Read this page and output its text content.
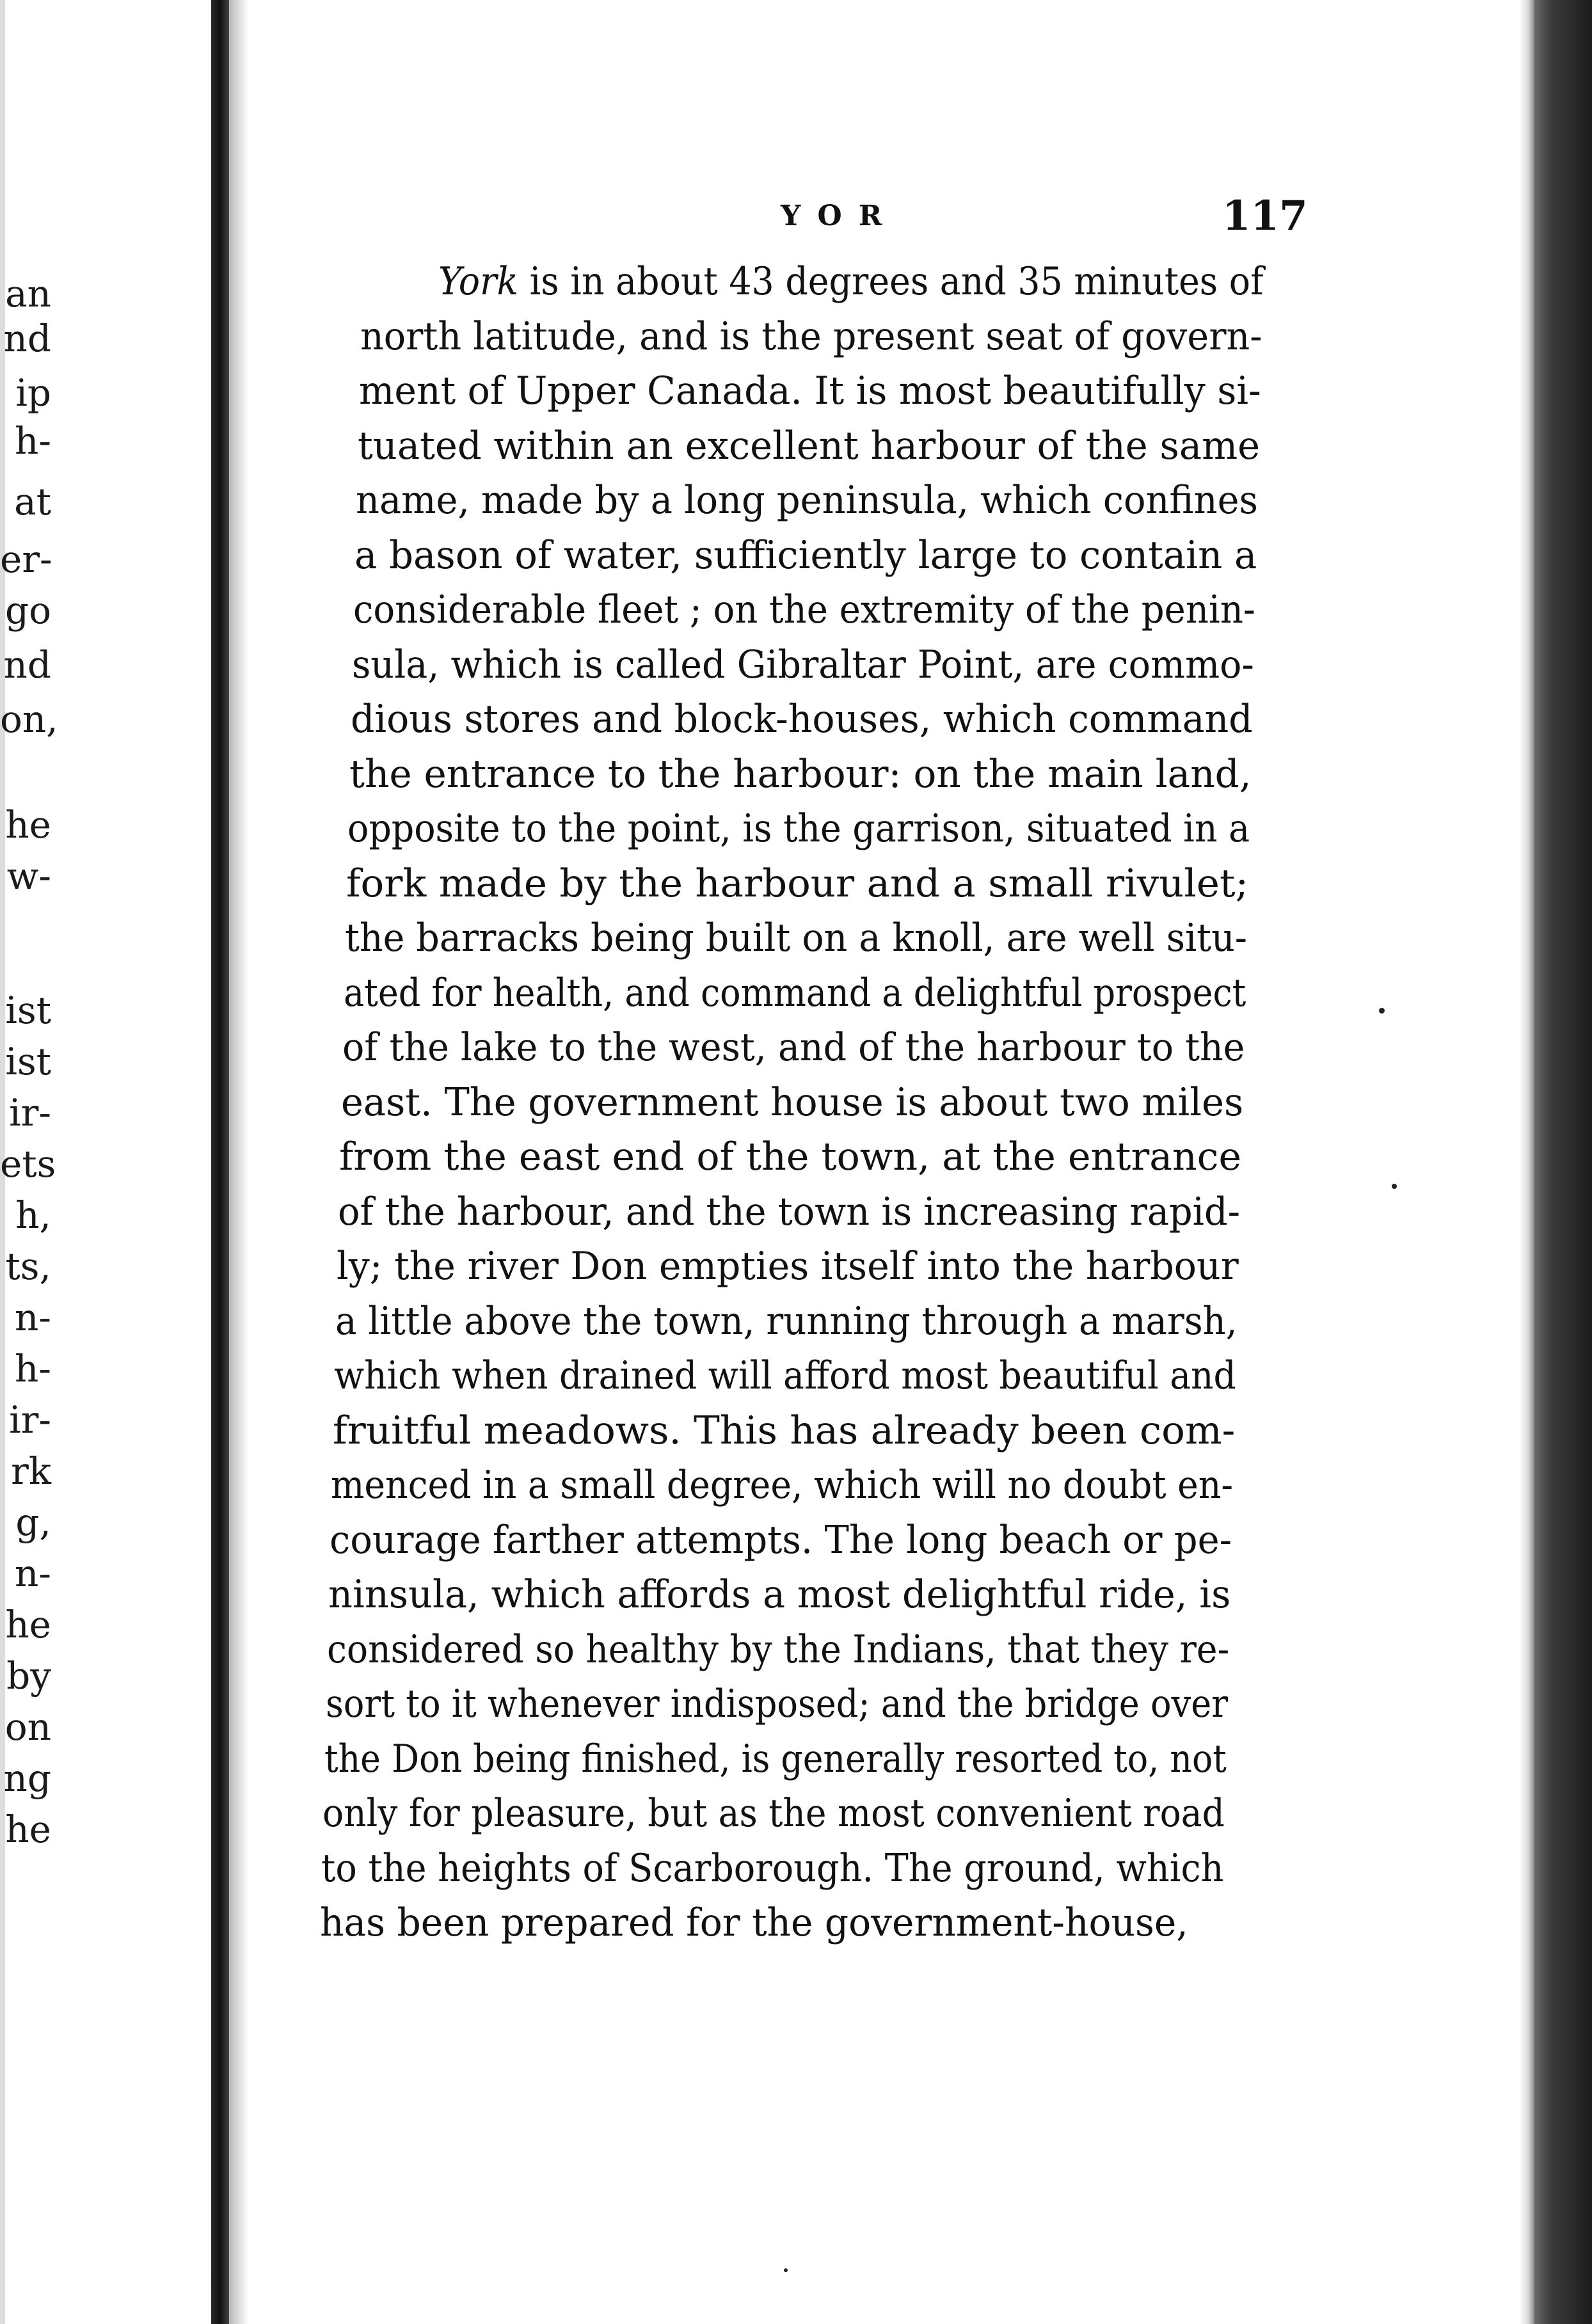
an
nd
ip
h-
at
er-
go
nd
on,
he
w-
ist
ist
ir-
ets
h,
ts,
n-
h-
ir-
rk
g,
n-
he
by
on
ng
he
YOR	117
York is in about 43 degrees and 35 minutes of
north latitude, and is the present seat of govern-
ment of Upper Canada. It is most beautifully si-
tuated within an excellent harbour of the same
name, made by a long peninsula, which confines
a bason of water, sufficiently large to contain a
considerable fleet ; on the extremity of the penin-
sula, which is called Gibraltar Point, are commo-
dious stores and block-houses, which command
the entrance to the harbour: on the main land,
opposite to the point, is the garrison, situated in a
fork made by the harbour and a small rivulet;
the barracks being built on a knoll, are well situ-
ated for health, and command a delightful prospect
of the lake to the west, and of the harbour to the
east. The government house is about two miles
from the east end of the town, at the entrance
of the harbour, and the town is increasing rapid-
ly; the river Don empties itself into the harbour
a little above the town, running through a marsh,
which when drained will afford most beautiful and
fruitful meadows. This has already been com-
menced in a small degree, which will no doubt en-
courage farther attempts. The long beach or pe-
ninsula, which affords a most delightful ride, is
considered so healthy by the Indians, that they re-
sort to it whenever indisposed; and the bridge over
the Don being finished, is generally resorted to, not
only for pleasure, but as the most convenient road
to the heights of Scarborough. The ground, which
has been prepared for the government-house,
